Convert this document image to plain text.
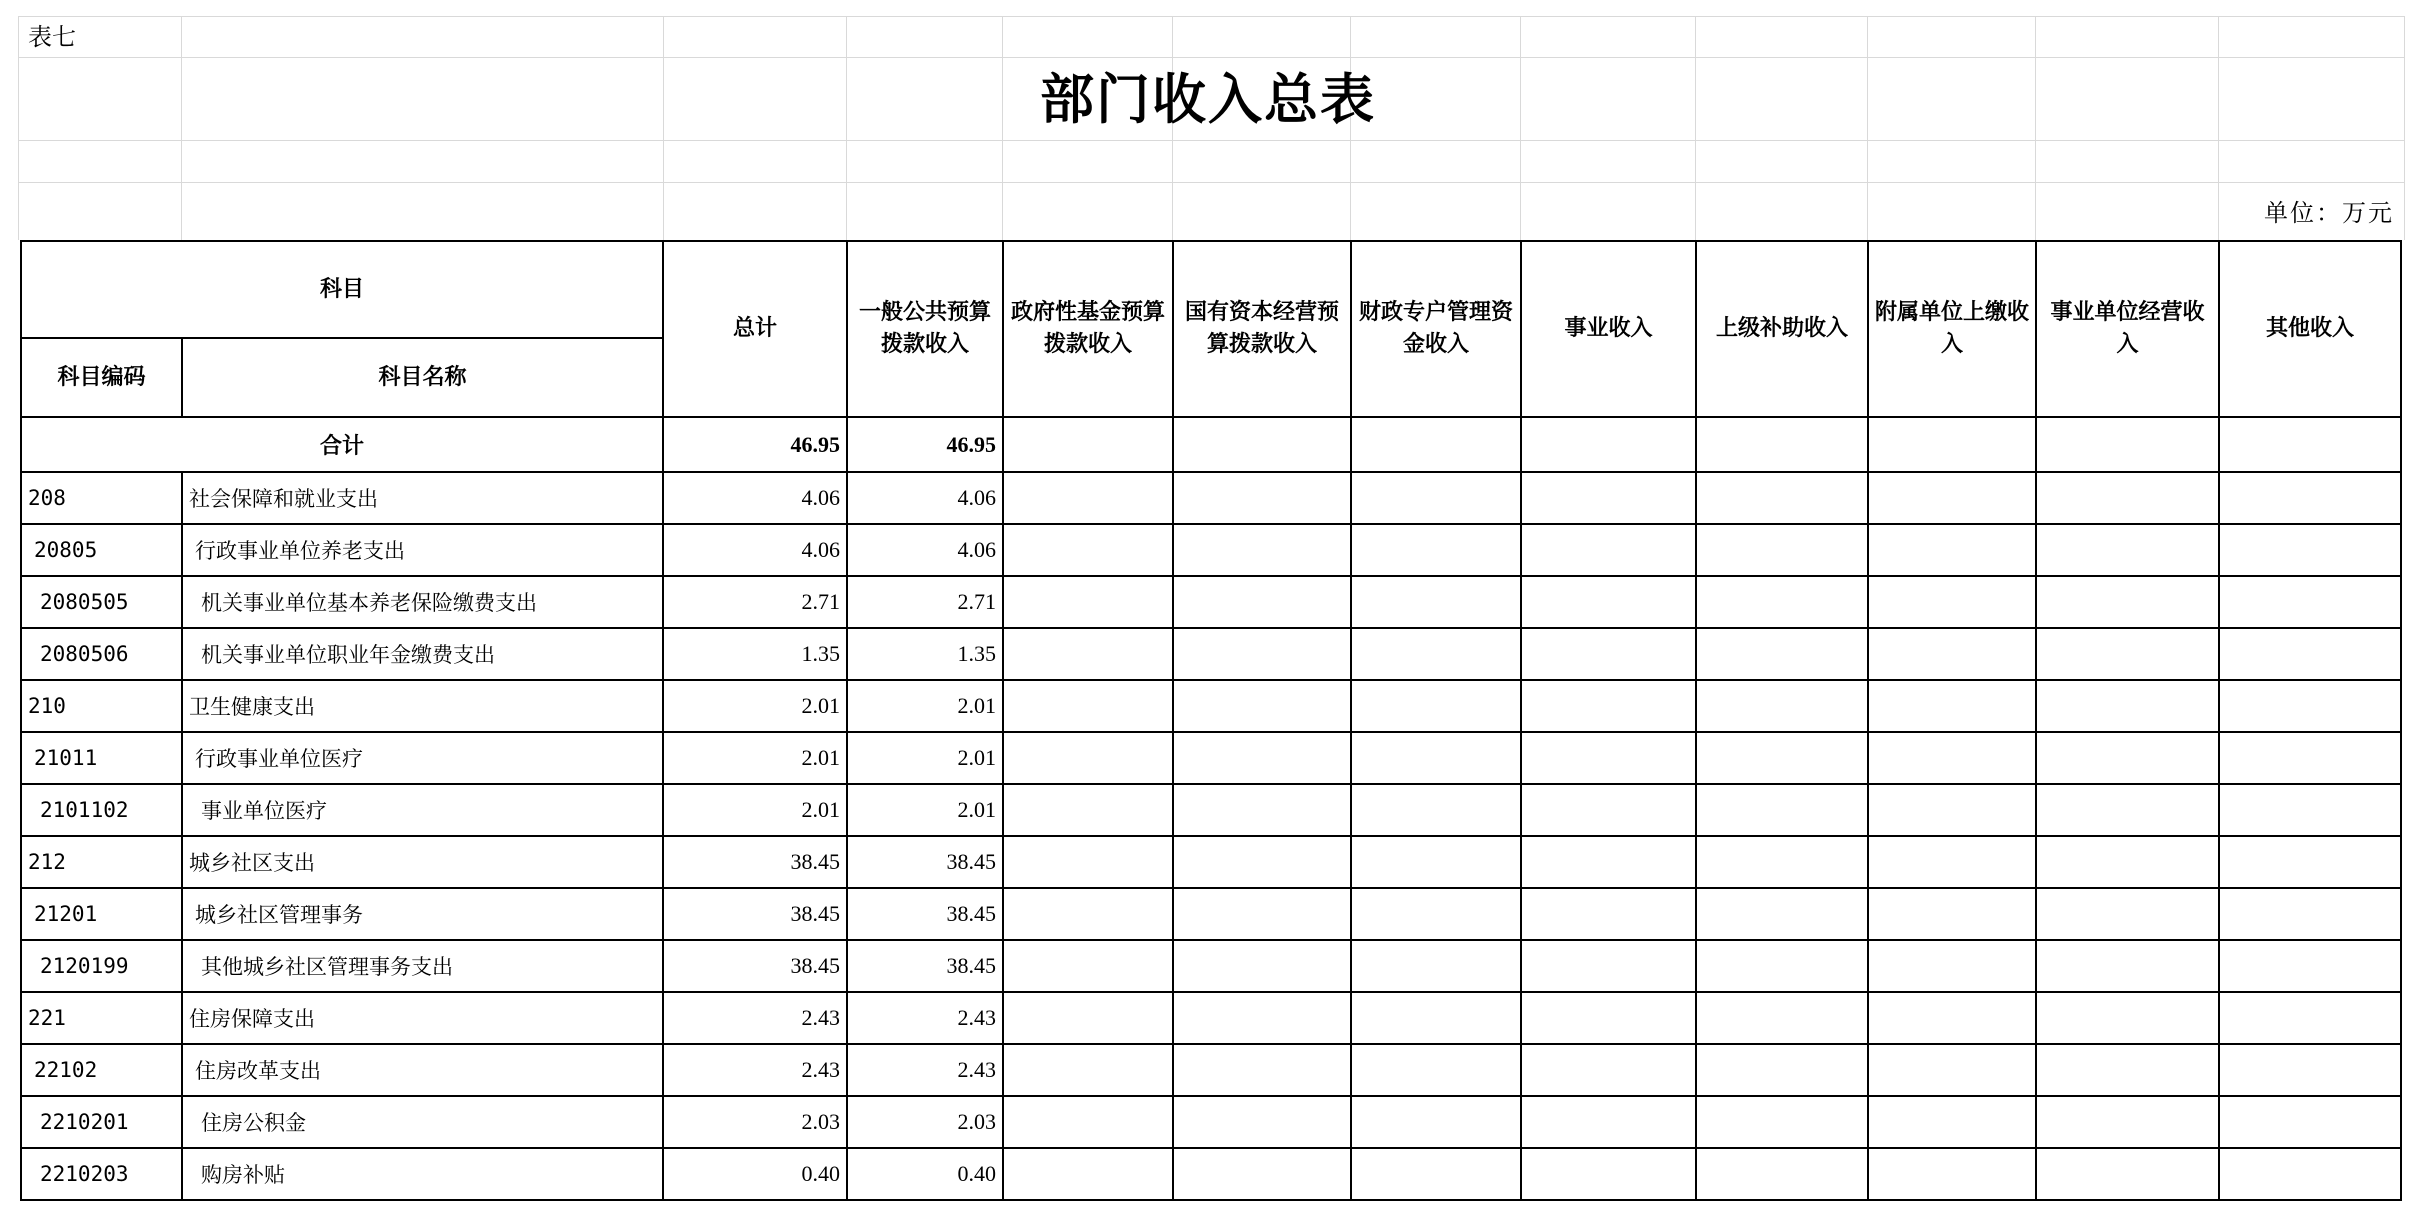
表七
部门收入总表
单位：万元
科目		总计	一般公共预算拨款收入	政府性基金预算拨款收入	国有资本经营预算拨款收入	财政专户管理资金收入	事业收入	上级补助收入	附属单位上缴收入	事业单位经营收入	其他收入
科目编码	科目名称										
合计		46.95	46.95								
208	社会保障和就业支出	4.06	4.06								
20805	行政事业单位养老支出	4.06	4.06								
2080505	机关事业单位基本养老保险缴费支出	2.71	2.71								
2080506	机关事业单位职业年金缴费支出	1.35	1.35								
210	卫生健康支出	2.01	2.01								
21011	行政事业单位医疗	2.01	2.01								
2101102	事业单位医疗	2.01	2.01								
212	城乡社区支出	38.45	38.45								
21201	城乡社区管理事务	38.45	38.45								
2120199	其他城乡社区管理事务支出	38.45	38.45								
221	住房保障支出	2.43	2.43								
22102	住房改革支出	2.43	2.43								
2210201	住房公积金	2.03	2.03								
2210203	购房补贴	0.40	0.40								
